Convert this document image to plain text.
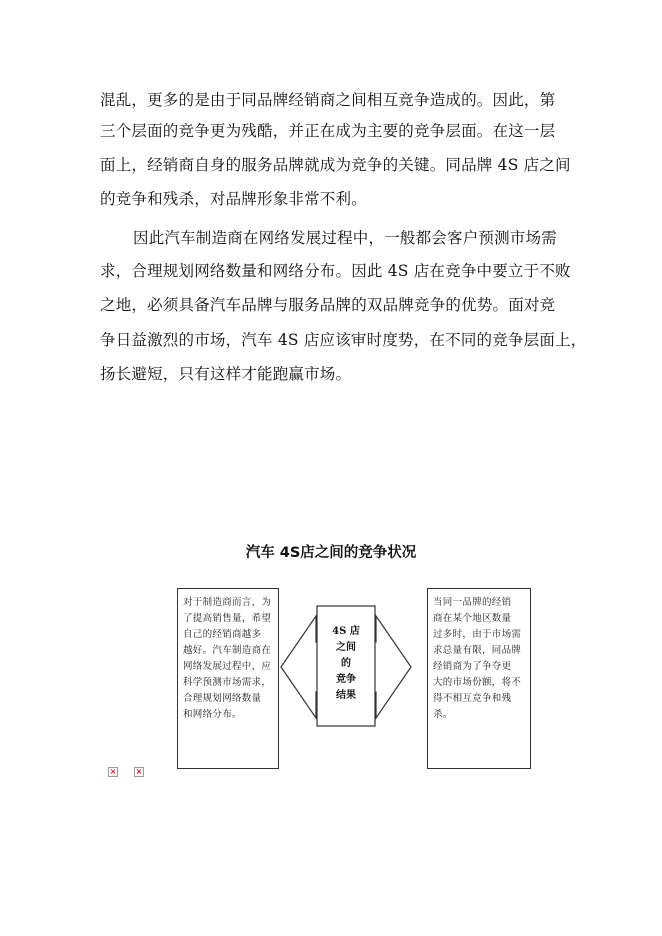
混乱，更多的是由于同品牌经销商之间相互竞争造成的。因此，第
三个层面的竞争更为残酷，并正在成为主要的竞争层面。在这一层
面上，经销商自身的服务品牌就成为竞争的关键。同品牌 4S 店之间
的竞争和残杀，对品牌形象非常不利。
因此汽车制造商在网络发展过程中，一般都会客户预测市场需
求，合理规划网络数量和网络分布。因此 4S 店在竞争中要立于不败
之地，必须具备汽车品牌与服务品牌的双品牌竞争的优势。面对竞
争日益激烈的市场，汽车 4S 店应该审时度势，在不同的竞争层面上，
扬长避短，只有这样才能跑赢市场。
汽车 4S店之间的竞争状况
对于制造商而言，为
了提高销售量，希望
自己的经销商越多
越好。汽车制造商在
网络发展过程中，应
科学预测市场需求，
合理规划网络数量
和网络分布。
4S 店
之间
的
竞争
结果
当同一品牌的经销
商在某个地区数量
过多时，由于市场需
求总量有限，同品牌
经销商为了争夺更
大的市场份额，将不
得不相互竞争和残
杀。
× ×
